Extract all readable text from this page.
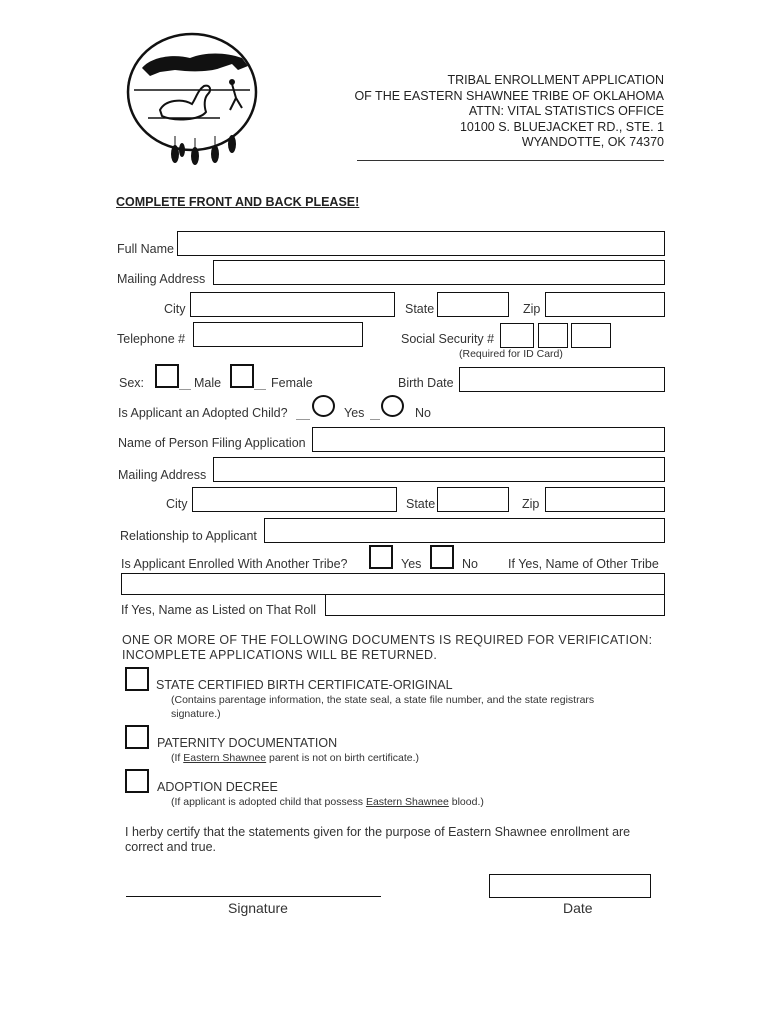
TRIBAL ENROLLMENT APPLICATION
OF THE EASTERN SHAWNEE TRIBE OF OKLAHOMA
ATTN: VITAL STATISTICS OFFICE
10100 S. BLUEJACKET RD., STE. 1
WYANDOTTE, OK 74370
COMPLETE FRONT AND BACK PLEASE!
Full Name
Mailing Address
City	State	Zip
Telephone #	Social Security #
(Required for ID Card)
Sex:	Male	Female	Birth Date
Is Applicant an Adopted Child?	Yes	No
Name of Person Filing Application
Mailing Address
City	State	Zip
Relationship to Applicant
Is Applicant Enrolled With Another Tribe?	Yes	No If Yes, Name of Other Tribe
If Yes, Name as Listed on That Roll
ONE OR MORE OF THE FOLLOWING DOCUMENTS IS REQUIRED FOR VERIFICATION:
INCOMPLETE APPLICATIONS WILL BE RETURNED.
STATE CERTIFIED BIRTH CERTIFICATE-ORIGINAL
(Contains parentage information, the state seal, a state file number, and the state registrars
signature.)
PATERNITY DOCUMENTATION
(If Eastern Shawnee parent is not on birth certificate.)
ADOPTION DECREE
(If applicant is adopted child that possess Eastern Shawnee blood.)
I herby certify that the statements given for the purpose of Eastern Shawnee enrollment are
correct and true.
Signature	Date
